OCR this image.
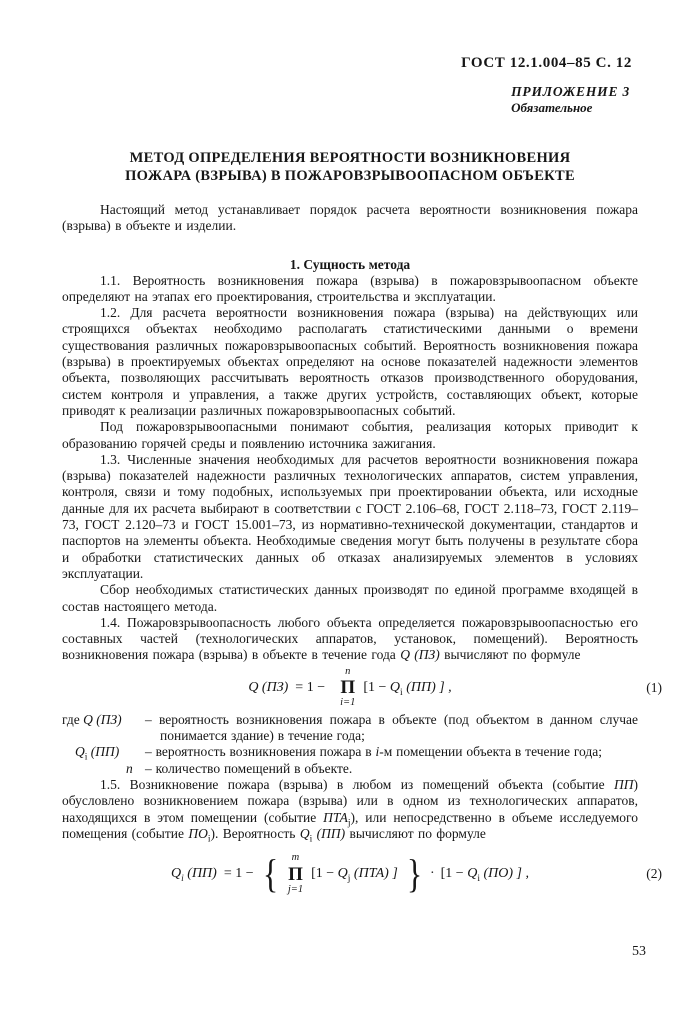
ГОСТ 12.1.004–85 С. 12
ПРИЛОЖЕНИЕ 3
Обязательное
МЕТОД ОПРЕДЕЛЕНИЯ ВЕРОЯТНОСТИ ВОЗНИКНОВЕНИЯ
ПОЖАРА (ВЗРЫВА) В ПОЖАРОВЗРЫВООПАСНОМ ОБЪЕКТЕ

Настоящий метод устанавливает порядок расчета вероятности возникновения пожара (взрыва) в объекте и изделии.

1. Сущность метода

1.1. Вероятность возникновения пожара (взрыва) в пожаровзрывоопасном объекте определяют на этапах его проектирования, строительства и эксплуатации.

1.2. Для расчета вероятности возникновения пожара (взрыва) на действующих или строящихся объектах необходимо располагать статистическими данными о времени существования различных пожаровзрывоопасных событий. Вероятность возникновения пожара (взрыва) в проектируемых объектах определяют на основе показателей надежности элементов объекта, позволяющих рассчитывать вероятность отказов производственного оборудования, систем контроля и управления, а также других устройств, составляющих объект, которые приводят к реализации различных пожаровзрывоопасных событий.

Под пожаровзрывоопасными понимают события, реализация которых приводит к образованию горячей среды и появлению источника зажигания.

1.3. Численные значения необходимых для расчетов вероятности возникновения пожара (взрыва) показателей надежности различных технологических аппаратов, систем управления, контроля, связи и тому подобных, используемых при проектировании объекта, или исходные данные для их расчета выбирают в соответствии с ГОСТ 2.106–68, ГОСТ 2.118–73, ГОСТ 2.119–73, ГОСТ 2.120–73 и ГОСТ 15.001–73, из нормативно-технической документации, стандартов и паспортов на элементы объекта. Необходимые сведения могут быть получены в результате сбора и обработки статистических данных об отказах анализируемых элементов в условиях эксплуатации.

Сбор необходимых статистических данных производят по единой программе входящей в состав настоящего метода.

1.4. Пожаровзрывоопасность любого объекта определяется пожаровзрывоопасностью его составных частей (технологических аппаратов, установок, помещений). Вероятность возникновения пожара (взрыва) в объекте в течение года Q (ПЗ) вычисляют по формуле

Q (ПЗ) = 1 −
n
Π
i=1
[$1 - Q_i$ (ПП) ] ,	(1)
где Q (ПЗ)	– вероятность возникновения пожара в объекте (под объектом в данном случае понимается здание) в течение года;
$Q_i$ (ПП)	– вероятность возникновения пожара в i-м помещении объекта в течение года;
n – количество помещений в объекте.

1.5. Возникновение пожара (взрыва) в любом из помещений объекта (событие ПП) обусловлено возникновением пожара (взрыва) или в одном из технологических аппаратов, находящихся в этом помещении (событие $ПТА_j$), или непосредственно в объеме исследуемого помещения (событие $ПО_i$). Вероятность $Q_i$ (ПП) вычисляют по формуле

$Q_i$ (ПП) = 1 − { m
Π
j=1
[$1 - Q_j$ (ПТА) ] } · [$1 - Q_i$ (ПО) ] ,	(2)
53
